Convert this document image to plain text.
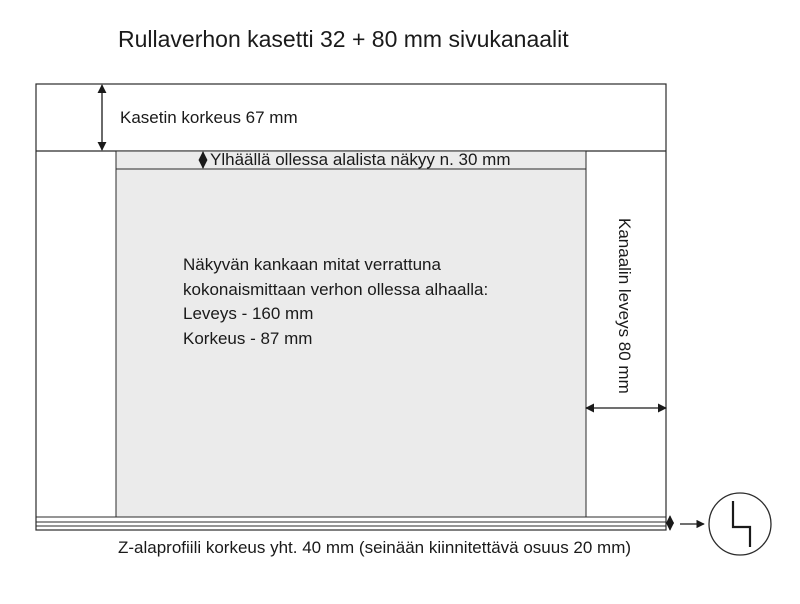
Rullaverhon kasetti 32 + 80 mm sivukanaalit
Kasetin korkeus 67 mm
Ylhäällä ollessa alalista näkyy n. 30 mm
Näkyvän kankaan mitat verrattuna
kokonaismittaan verhon ollessa alhaalla:
Leveys - 160 mm
Korkeus - 87 mm	Kanaalin leveys 80 mm
Z-alaprofiili korkeus yht. 40 mm (seinään kiinnitettävä osuus 20 mm)
